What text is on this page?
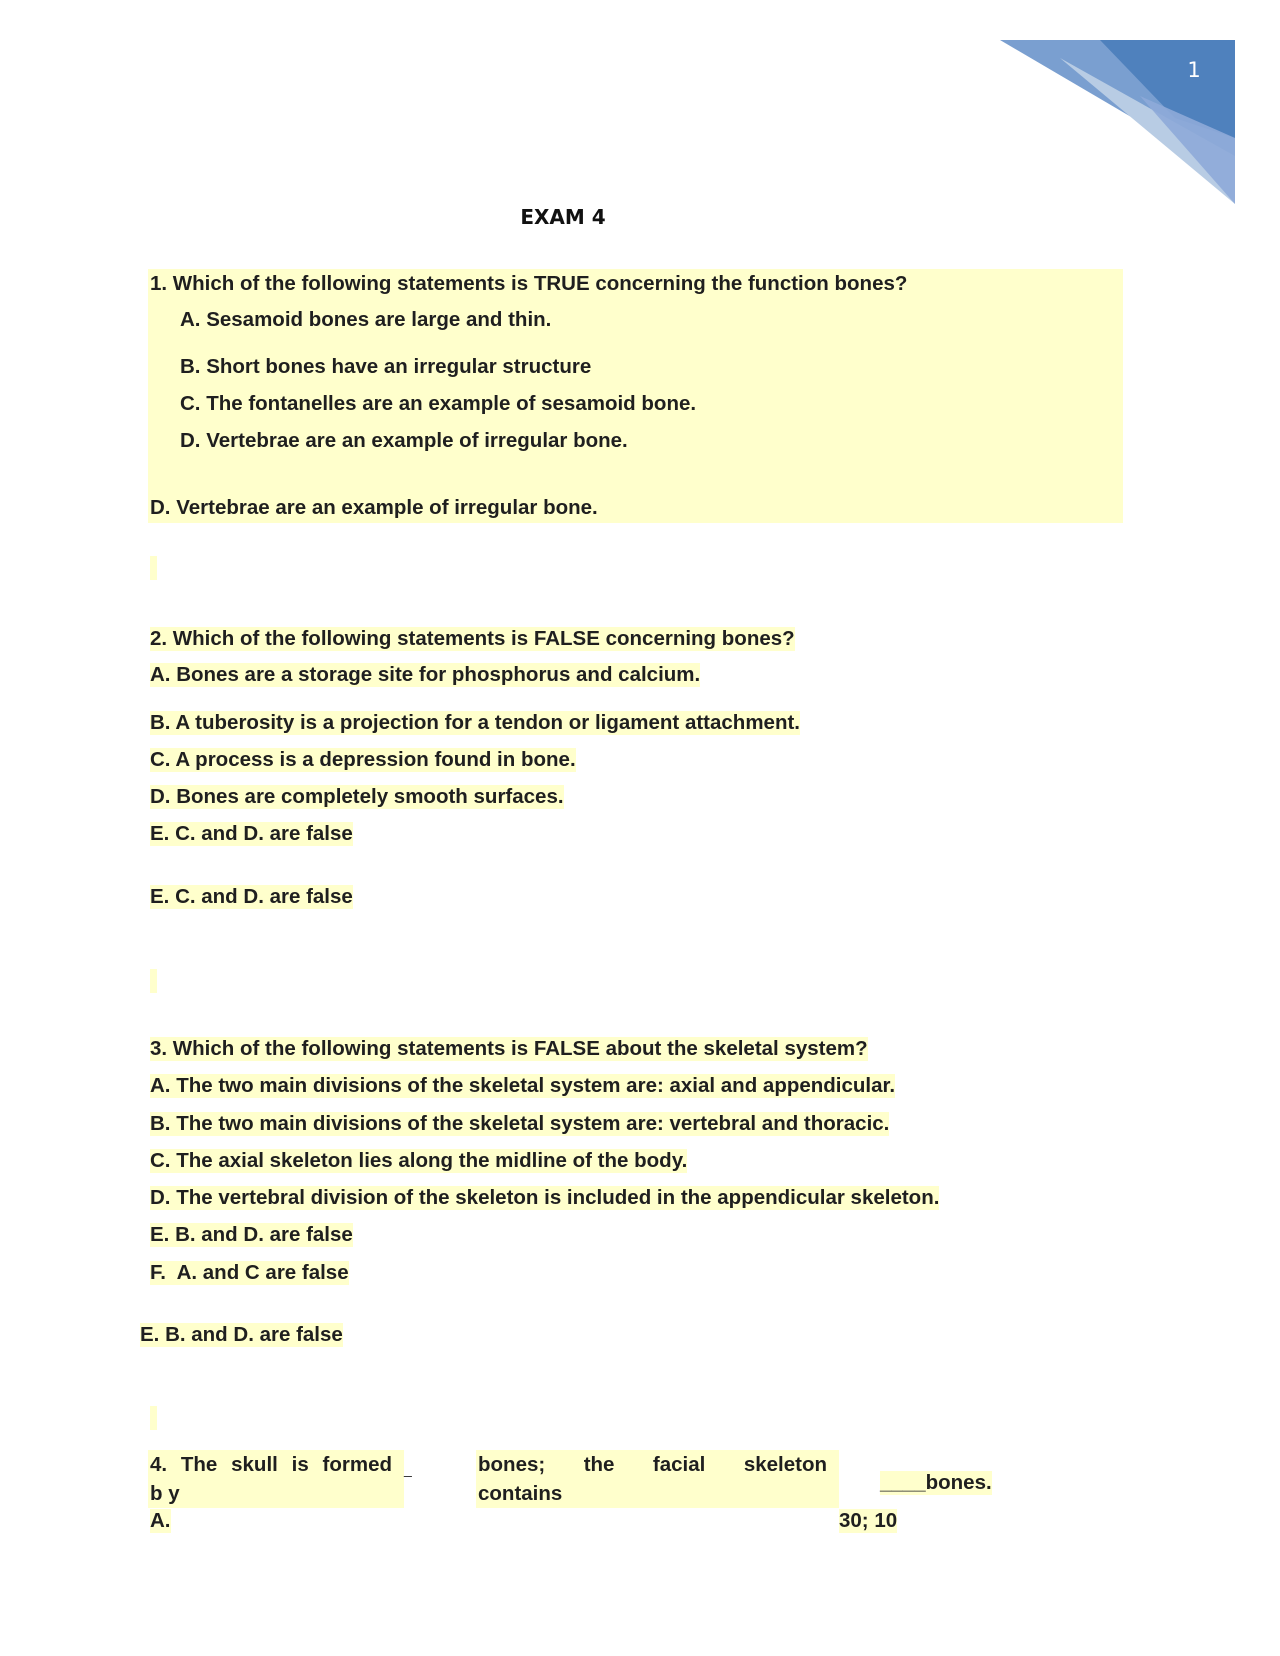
1
EXAM 4
1. Which of the following statements is TRUE concerning the function bones?
A. Sesamoid bones are large and thin.
B. Short bones have an irregular structure
C. The fontanelles are an example of sesamoid bone.
D. Vertebrae are an example of irregular bone.
D. Vertebrae are an example of irregular bone.
2. Which of the following statements is FALSE concerning bones?
A. Bones are a storage site for phosphorus and calcium.
B. A tuberosity is a projection for a tendon or ligament attachment.
C. A process is a depression found in bone.
D. Bones are completely smooth surfaces.
E. C. and D. are false
E. C. and D. are false
3. Which of the following statements is FALSE about the skeletal system?
A. The two main divisions of the skeletal system are: axial and appendicular.
B. The two main divisions of the skeletal system are: vertebral and thoracic.
C. The axial skeleton lies along the midline of the body.
D. The vertebral division of the skeleton is included in the appendicular skeleton.
E. B. and D. are false
F.  A. and C are false
E. B. and D. are false
4. The skull is formed
b y
_	bones; the facial skeleton
contains	____bones.
A.	30; 10
